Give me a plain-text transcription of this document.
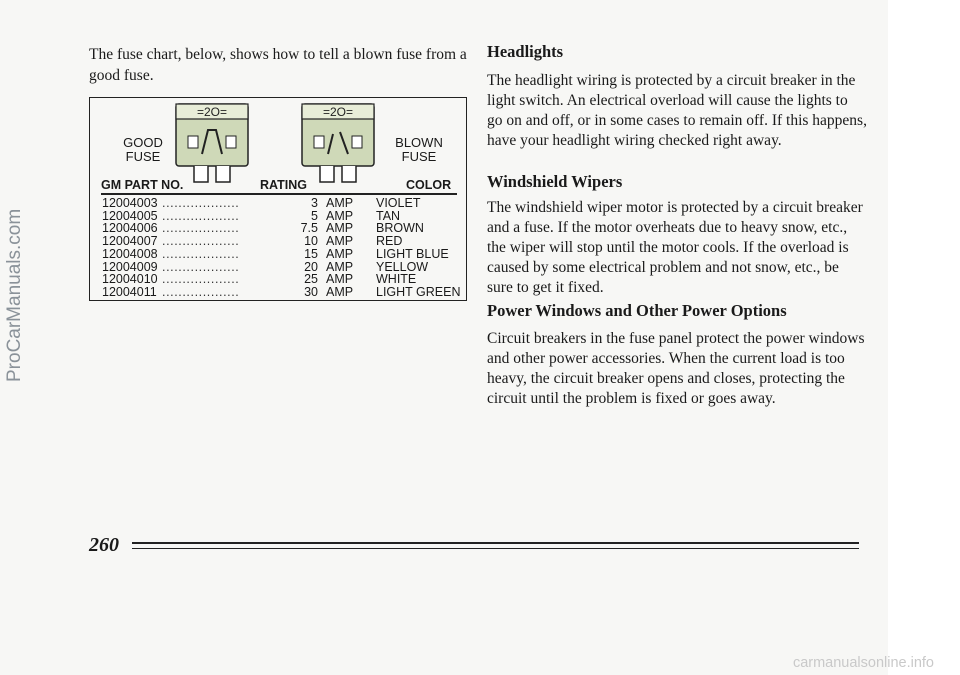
The fuse chart, below, shows how to tell a blown fuse from a good fuse.

=2O=	=2O=
GOOD
FUSE
BLOWN
FUSE
GM PART NO.	RATING	COLOR
12004003 ...................	3 AMP	VIOLET
12004005 ...................	5 AMP	TAN
12004006 ...................	7.5 AMP	BROWN
12004007 ...................	10 AMP	RED
12004008 ...................	15 AMP	LIGHT BLUE
12004009 ...................	20 AMP	YELLOW
12004010 ...................	25 AMP	WHITE
12004011 ...................	30 AMP	LIGHT GREEN
Headlights

The headlight wiring is protected by a circuit breaker in the light switch. An electrical overload will cause the lights to go on and off, or in some cases to remain off. If this happens, have your headlight wiring checked right away.

Windshield Wipers

The windshield wiper motor is protected by a circuit breaker and a fuse. If the motor overheats due to heavy snow, etc., the wiper will stop until the motor cools. If the overload is caused by some electrical problem and not snow, etc., be sure to get it fixed.

Power Windows and Other Power Options

Circuit breakers in the fuse panel protect the power windows and other power accessories. When the current load is too heavy, the circuit breaker opens and closes, protecting the circuit until the problem is fixed or goes away.

ProCarManuals.com
260
carmanualsonline.info
